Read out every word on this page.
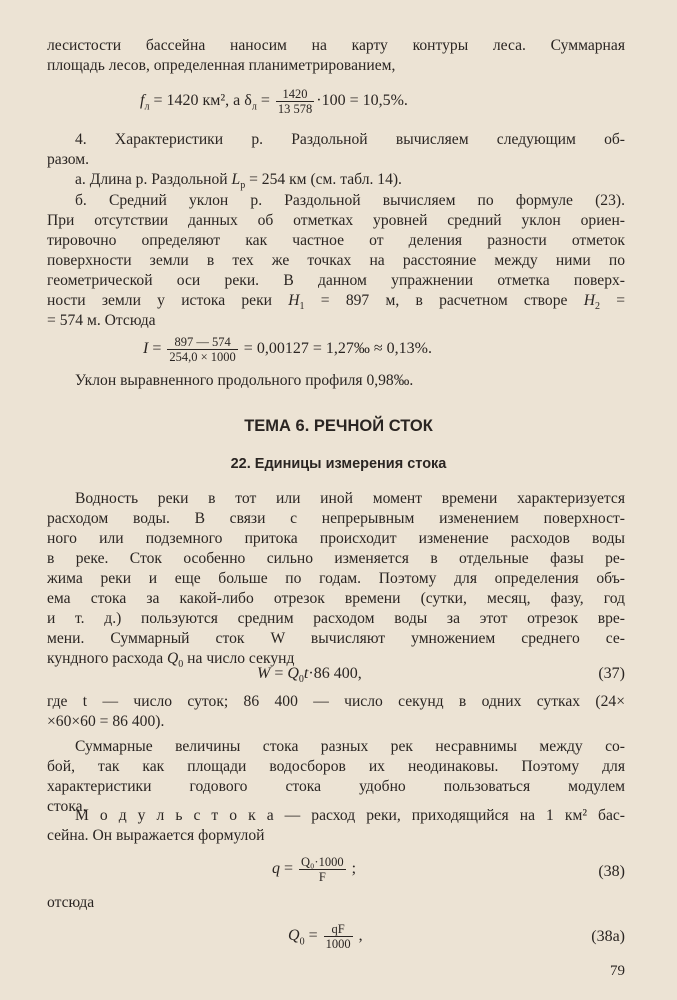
лесистости бассейна наносим на карту контуры леса. Суммарная
площадь лесов, определенная планиметрированием,
$f_л = 1420$ км², а $\delta_л = \frac{1420}{13 578} \cdot 100 = 10,5\%$.
4. Характеристики р. Раздольной вычисляем следующим об-
разом.
а. Длина р. Раздольной $L_р = 254$ км (см. табл. 14).
б. Средний уклон р. Раздольной вычисляем по формуле (23).
При отсутствии данных об отметках уровней средний уклон ориен-
тировочно определяют как частное от деления разности отметок
поверхности земли в тех же точках на расстояние между ними по
геометрической оси реки. В данном упражнении отметка поверх-
ности земли у истока реки $H_1 = 897$ м, в расчетном створе $H_2$ =
= 574 м. Отсюда
$I = \frac{897 — 574}{254,0 \times 1000} = 0,00127$ = 1,27‰ ≈ 0,13%.
Уклон выравненного продольного профиля 0,98‰.
ТЕМА 6. РЕЧНОЙ СТОК
22. Единицы измерения стока
Водность реки в тот или иной момент времени характеризуется
расходом воды. В связи с непрерывным изменением поверхност-
ного или подземного притока происходит изменение расходов воды
в реке. Сток особенно сильно изменяется в отдельные фазы ре-
жима реки и еще больше по годам. Поэтому для определения объ-
ема стока за какой-либо отрезок времени (сутки, месяц, фазу, год
и т. д.) пользуются средним расходом воды за этот отрезок вре-
мени. Суммарный сток W вычисляют умножением среднего се-
кундного расхода $Q_0$ на число секунд
$W = Q_0t\cdot 86$ 400,	(37)
где t — число суток; 86 400 — число секунд в одних сутках (24×
×60×60 = 86 400).
Суммарные величины стока разных рек несравнимы между со-
бой, так как площади водосборов их неодинаковы. Поэтому для
характеристики годового стока удобно пользоваться модулем
стока.
М о д у л ь с т о к а — расход реки, приходящийся на 1 км² бас-
сейна. Он выражается формулой
$q = \frac{\text{Q₀·1000}}{F}$ ;	(38)
отсюда
$Q_0 = \frac{qF}{1000}$ ,	(38а)
79
